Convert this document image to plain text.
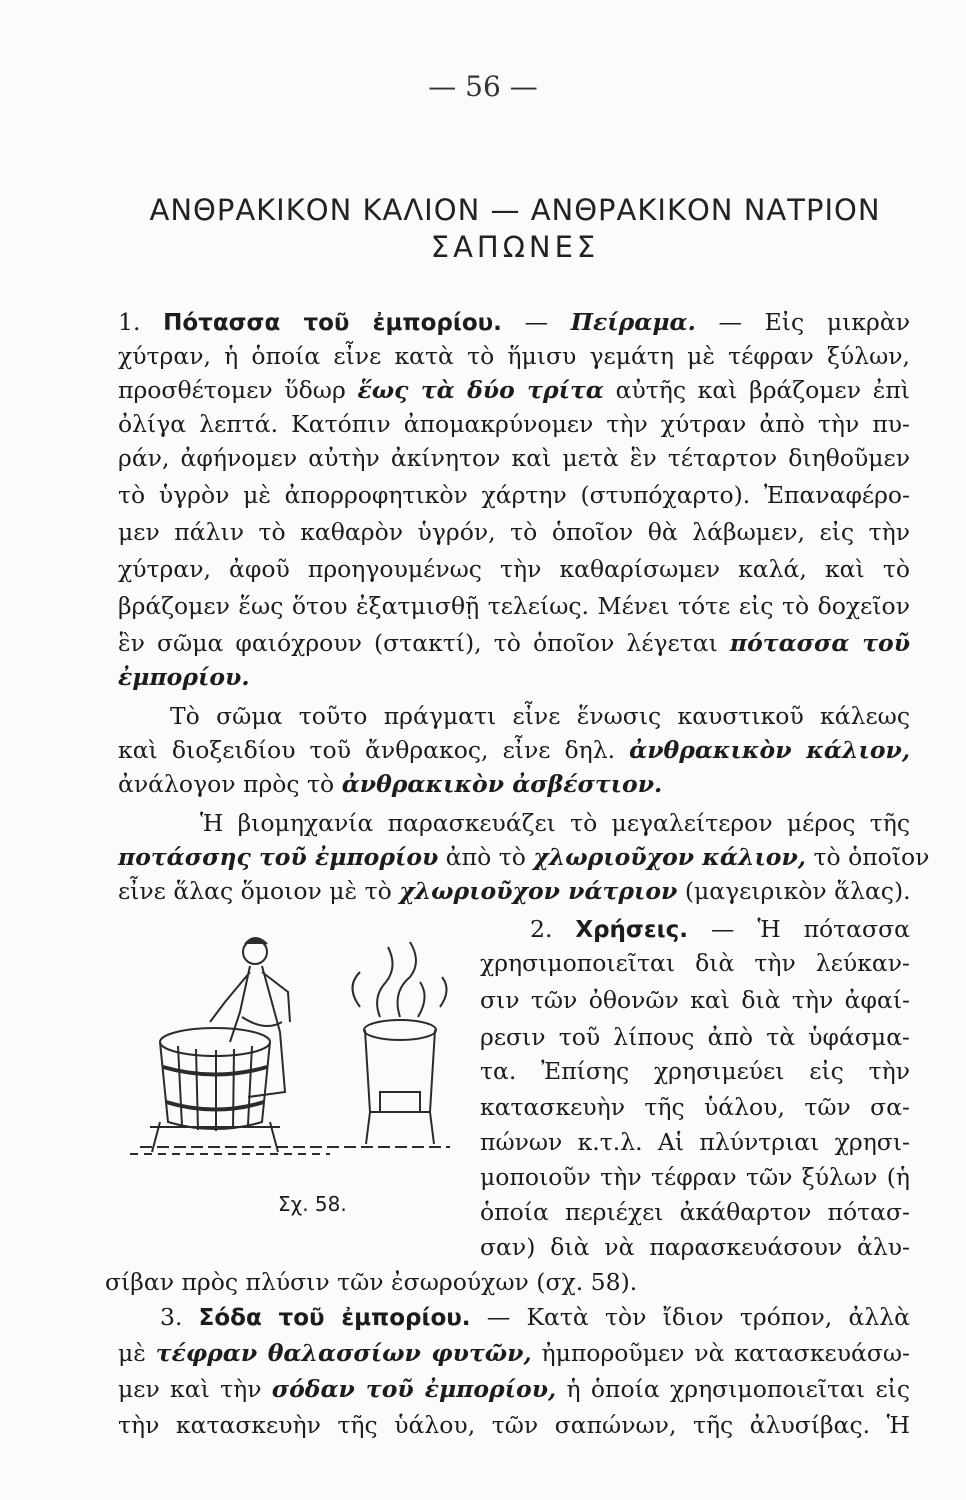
— 56 —
ΑΝΘΡΑΚΙΚΟΝ ΚΑΛΙΟΝ — ΑΝΘΡΑΚΙΚΟΝ ΝΑΤΡΙΟΝ
ΣΑΠΩΝΕΣ
1. Πότασσα τοῦ ἐμπορίου. — Πείραμα. — Εἰς μικρὰν
χύτραν, ἡ ὁποία εἶνε κατὰ τὸ ἥμισυ γεμάτη μὲ τέφραν ξύλων,
προσθέτομεν ὕδωρ ἕως τὰ δύο τρίτα αὐτῆς καὶ βράζομεν ἐπὶ
ὀλίγα λεπτά. Κατόπιν ἀπομακρύνομεν τὴν χύτραν ἀπὸ τὴν πυ-
ράν, ἀφήνομεν αὐτὴν ἀκίνητον καὶ μετὰ ἓν τέταρτον διηθοῦμεν
τὸ ὑγρὸν μὲ ἀπορροφητικὸν χάρτην (στυπόχαρτο). Ἐπαναφέρο-
μεν πάλιν τὸ καθαρὸν ὑγρόν, τὸ ὁποῖον θὰ λάβωμεν, εἰς τὴν
χύτραν, ἀφοῦ προηγουμένως τὴν καθαρίσωμεν καλά, καὶ τὸ
βράζομεν ἕως ὅτου ἐξατμισθῇ τελείως. Μένει τότε εἰς τὸ δοχεῖον
ἓν σῶμα φαιόχρουν (στακτί), τὸ ὁποῖον λέγεται πότασσα τοῦ
ἐμπορίου.
Τὸ σῶμα τοῦτο πράγματι εἶνε ἕνωσις καυστικοῦ κάλεως
καὶ διοξειδίου τοῦ ἄνθρακος, εἶνε δηλ. ἀνθρακικὸν κάλιον,
ἀνάλογον πρὸς τὸ ἀνθρακικὸν ἀσβέστιον.
Ἡ βιομηχανία παρασκευάζει τὸ μεγαλείτερον μέρος τῆς
ποτάσσης τοῦ ἐμπορίου ἀπὸ τὸ χλωριοῦχον κάλιον, τὸ ὁποῖον
εἶνε ἅλας ὅμοιον μὲ τὸ χλωριοῦχον νάτριον (μαγειρικὸν ἅλας).
2. Χρήσεις. — Ἡ πότασσα
χρησιμοποιεῖται διὰ τὴν λεύκαν-
σιν τῶν ὀθονῶν καὶ διὰ τὴν ἀφαί-
ρεσιν τοῦ λίπους ἀπὸ τὰ ὑφάσμα-
τα. Ἐπίσης χρησιμεύει εἰς τὴν
κατασκευὴν τῆς ὑάλου, τῶν σα-
πώνων κ.τ.λ. Αἱ πλύντριαι χρησι-
μοποιοῦν τὴν τέφραν τῶν ξύλων (ἡ
ὁποία περιέχει ἀκάθαρτον πότασ-
σαν) διὰ νὰ παρασκευάσουν ἀλυ-
σίβαν πρὸς πλύσιν τῶν ἐσωρούχων (σχ. 58).
Σχ. 58.
3. Σόδα τοῦ ἐμπορίου. — Κατὰ τὸν ἴδιον τρόπον, ἀλλὰ
μὲ τέφραν θαλασσίων φυτῶν, ἠμποροῦμεν νὰ κατασκευάσω-
μεν καὶ τὴν σόδαν τοῦ ἐμπορίου, ἡ ὁποία χρησιμοποιεῖται εἰς
τὴν κατασκευὴν τῆς ὑάλου, τῶν σαπώνων, τῆς ἀλυσίβας. Ἡ
